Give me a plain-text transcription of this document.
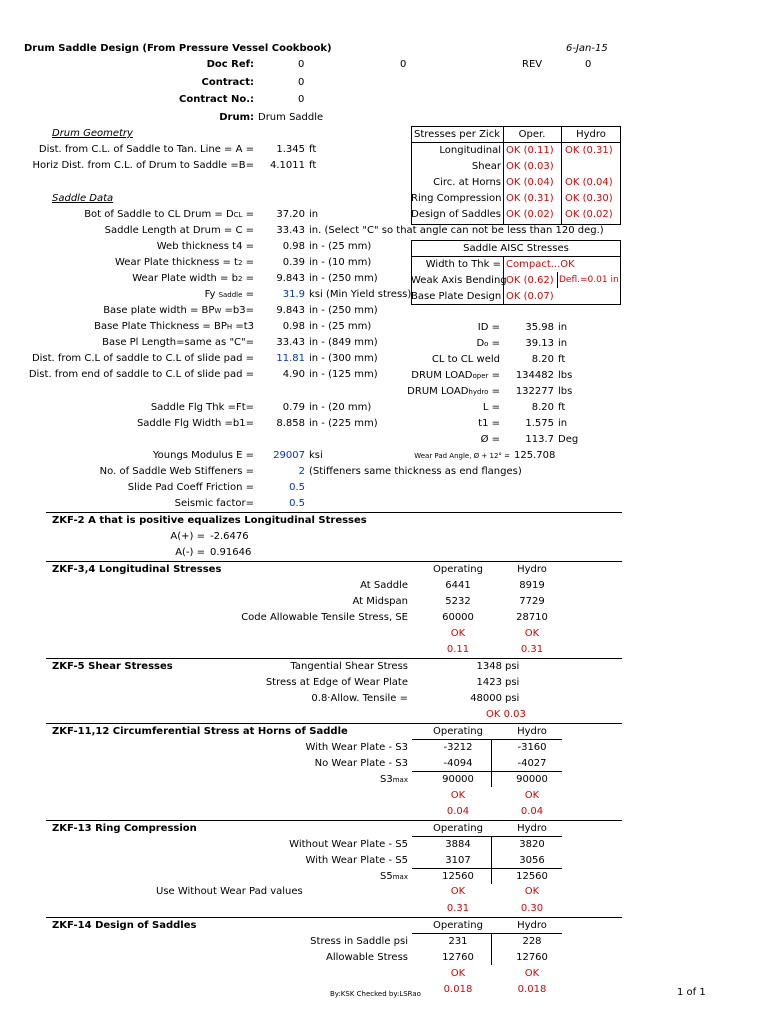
Drum Saddle Design (From Pressure Vessel Cookbook)	6-Jan-15
Doc Ref:	0	0	REV	0
Contract:	0
Contract No.:	0
Drum: Drum Saddle
Drum Geometry
Dist. from C.L. of Saddle to Tan. Line = A =	1.345 ft
Horiz Dist. from C.L. of Drum to Saddle =B=	4.1011 ft
Saddle Data
Bot of Saddle to CL Drum = DCL =	37.20 in
Saddle Length at Drum = C =	33.43 in. (Select "C" so that angle can not be less than 120 deg.)
Web thickness t4 =	0.98 in - (25 mm)
Wear Plate thickness = t2 =	0.39 in - (10 mm)
Wear Plate width = b2 =	9.843 in - (250 mm)
Fy Saddle =	31.9 ksi (Min Yield stress)
Base plate width = BPW =b3=	9.843 in - (250 mm)
Base Plate Thickness = BPH =t3	0.98 in - (25 mm)
Base Pl Length=same as "C"=	33.43 in - (849 mm)
Dist. from C.L of saddle to C.L of slide pad =	11.81 in - (300 mm)
Dist. from end of saddle to C.L of slide pad =	4.90 in - (125 mm)
Saddle Flg Thk =Ft=	0.79 in - (20 mm)
Saddle Flg Width =b1=	8.858 in - (225 mm)
Youngs Modulus E =	29007 ksi
No. of Saddle Web Stiffeners =	2 (Stiffeners same thickness as end flanges)
Slide Pad Coeff Friction =	0.5
Seismic factor=	0.5
Stresses per Zick	Oper.	Hydro
Longitudinal OK (0.11) OK (0.31)
Shear OK (0.03)
Circ. at Horns OK (0.04) OK (0.04)
Ring Compression OK (0.31) OK (0.30)
Design of Saddles OK (0.02) OK (0.02)
Saddle AISC Stresses
Width to Thk = Compact...OK
Weak Axis Bending OK (0.62) Defl.=0.01 in
Base Plate Design OK (0.07)
ID =	35.98 in
Do =	39.13 in
CL to CL weld	8.20 ft
DRUM LOADoper =	134482 lbs
DRUM LOADhydro =	132277 lbs
L =	8.20 ft
t1 =	1.575 in
Ø =	113.7 Deg
Wear Pad Angle, Ø + 12° = 125.708
ZKF-2 A that is positive equalizes Longitudinal Stresses
A(+) = -2.6476
A(-) = 0.91646
ZKF-3,4 Longitudinal Stresses	Operating	Hydro
At Saddle	6441	8919
At Midspan	5232	7729
Code Allowable Tensile Stress, SE	60000	28710
OK	OK
0.11	0.31
ZKF-5 Shear Stresses	Tangential Shear Stress	1348 psi
Stress at Edge of Wear Plate	1423 psi
0.8·Allow. Tensile =	48000 psi
OK 0.03
ZKF-11,12 Circumferential Stress at Horns of Saddle	Operating	Hydro
With Wear Plate - S3	-3212	-3160
No Wear Plate - S3	-4094	-4027
S3max	90000	90000
OK	OK
0.04	0.04
ZKF-13 Ring Compression	Operating	Hydro
Without Wear Plate - S5	3884	3820
With Wear Plate - S5	3107	3056
S5max	12560	12560
Use Without Wear Pad values	OK	OK
0.31	0.30
ZKF-14 Design of Saddles	Operating	Hydro
Stress in Saddle psi	231	228
Allowable Stress	12760	12760
OK	OK
0.018	0.018
By:KSK Checked by:LSRao	1 of 1
